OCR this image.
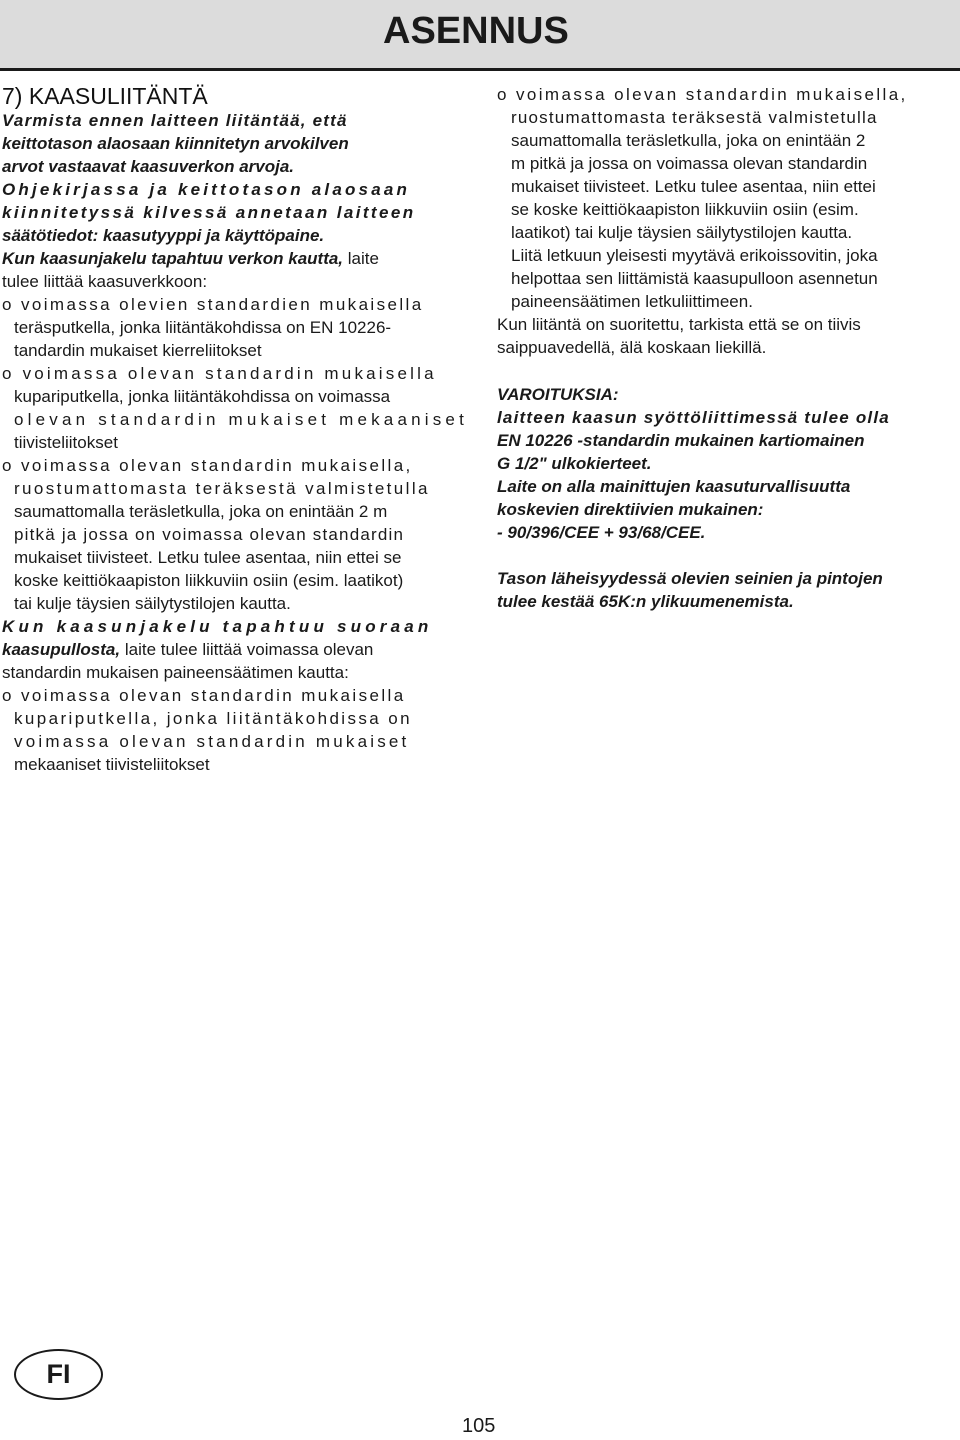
ASENNUS
7) KAASULIITÄNTÄ
Varmista ennen laitteen liitäntää, että
keittotason alaosaan kiinnitetyn arvokilven
arvot vastaavat kaasuverkon arvoja.
Ohjekirjassa ja keittotason alaosaan
kiinnitetyssä kilvessä annetaan laitteen
säätötiedot: kaasutyyppi ja käyttöpaine.
Kun kaasunjakelu tapahtuu verkon kautta, laite
tulee liittää kaasuverkkoon:
o voimassa olevien standardien mukaisella
teräsputkella, jonka liitäntäkohdissa on EN 10226-
tandardin mukaiset kierreliitokset
o voimassa olevan standardin mukaisella
kupariputkella, jonka liitäntäkohdissa on voimassa
olevan standardin mukaiset mekaaniset
tiivisteliitokset
o voimassa olevan standardin mukaisella,
ruostumattomasta teräksestä valmistetulla
saumattomalla teräsletkulla, joka on enintään 2 m
pitkä ja jossa on voimassa olevan standardin
mukaiset tiivisteet. Letku tulee asentaa, niin ettei se
koske keittiökaapiston liikkuviin osiin (esim. laatikot)
tai kulje täysien säilytystilojen kautta.
Kun kaasunjakelu tapahtuu suoraan
kaasupullosta, laite tulee liittää voimassa olevan
standardin mukaisen paineensäätimen kautta:
o voimassa olevan standardin mukaisella
kupariputkella, jonka liitäntäkohdissa on
voimassa olevan standardin mukaiset
mekaaniset tiivisteliitokset
o voimassa olevan standardin mukaisella,
ruostumattomasta teräksestä valmistetulla
saumattomalla teräsletkulla, joka on enintään 2
m pitkä ja jossa on voimassa olevan standardin
mukaiset tiivisteet. Letku tulee asentaa, niin ettei
se koske keittiökaapiston liikkuviin osiin (esim.
laatikot) tai kulje täysien säilytystilojen kautta.
Liitä letkuun yleisesti myytävä erikoissovitin, joka
helpottaa sen liittämistä kaasupulloon asennetun
paineensäätimen letkuliittimeen.
Kun liitäntä on suoritettu, tarkista että se on tiivis
saippuavedellä, älä koskaan liekillä.
VAROITUKSIA:
laitteen kaasun syöttöliittimessä tulee olla
EN 10226 -standardin mukainen kartiomainen
G 1/2" ulkokierteet.
Laite on alla mainittujen kaasuturvallisuutta
koskevien direktiivien mukainen:
- 90/396/CEE + 93/68/CEE.
Tason läheisyydessä olevien seinien ja pintojen
tulee kestää 65K:n ylikuumenemista.
FI
105
